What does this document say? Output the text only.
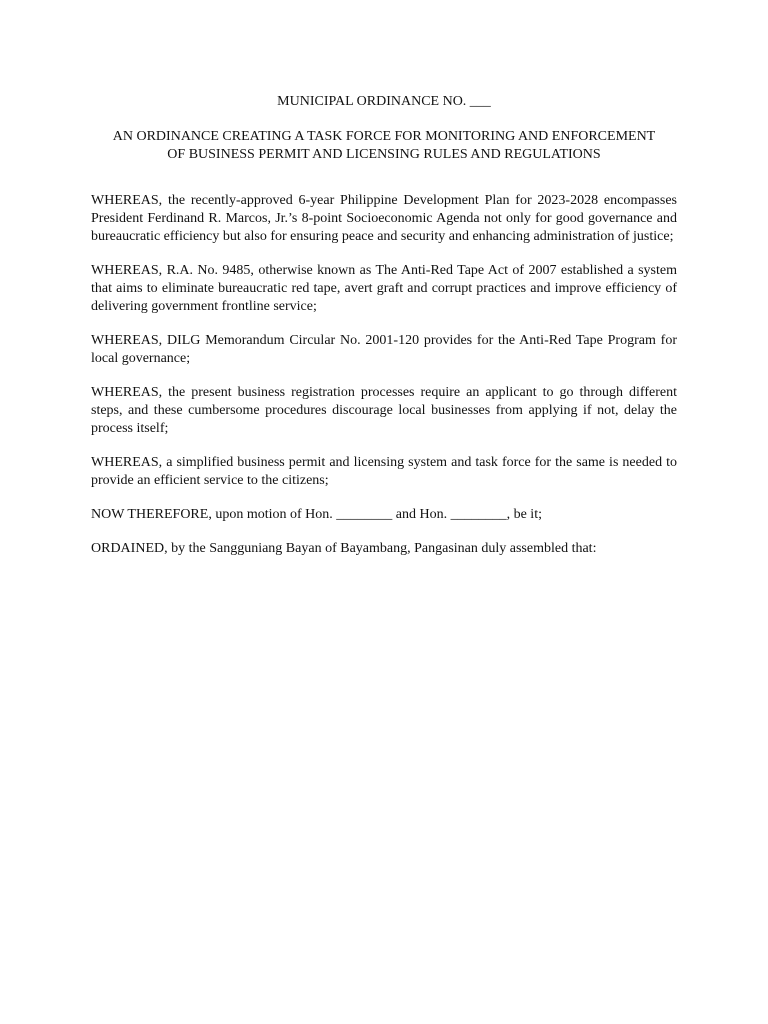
MUNICIPAL ORDINANCE NO. ___

AN ORDINANCE CREATING A TASK FORCE FOR MONITORING AND ENFORCEMENT
OF BUSINESS PERMIT AND LICENSING RULES AND REGULATIONS

WHEREAS, the recently-approved 6-year Philippine Development Plan for 2023-2028 encompasses President Ferdinand R. Marcos, Jr.’s 8-point Socioeconomic Agenda not only for good governance and bureaucratic efficiency but also for ensuring peace and security and enhancing administration of justice;

WHEREAS, R.A. No. 9485, otherwise known as The Anti-Red Tape Act of 2007 established a system that aims to eliminate bureaucratic red tape, avert graft and corrupt practices and improve efficiency of delivering government frontline service;

WHEREAS, DILG Memorandum Circular No. 2001-120 provides for the Anti-Red Tape Program for local governance;

WHEREAS, the present business registration processes require an applicant to go through different steps, and these cumbersome procedures discourage local businesses from applying if not, delay the process itself;

WHEREAS, a simplified business permit and licensing system and task force for the same is needed to provide an efficient service to the citizens;

NOW THEREFORE, upon motion of Hon. ________ and Hon. ________, be it;

ORDAINED, by the Sangguniang Bayan of Bayambang, Pangasinan duly assembled that:
